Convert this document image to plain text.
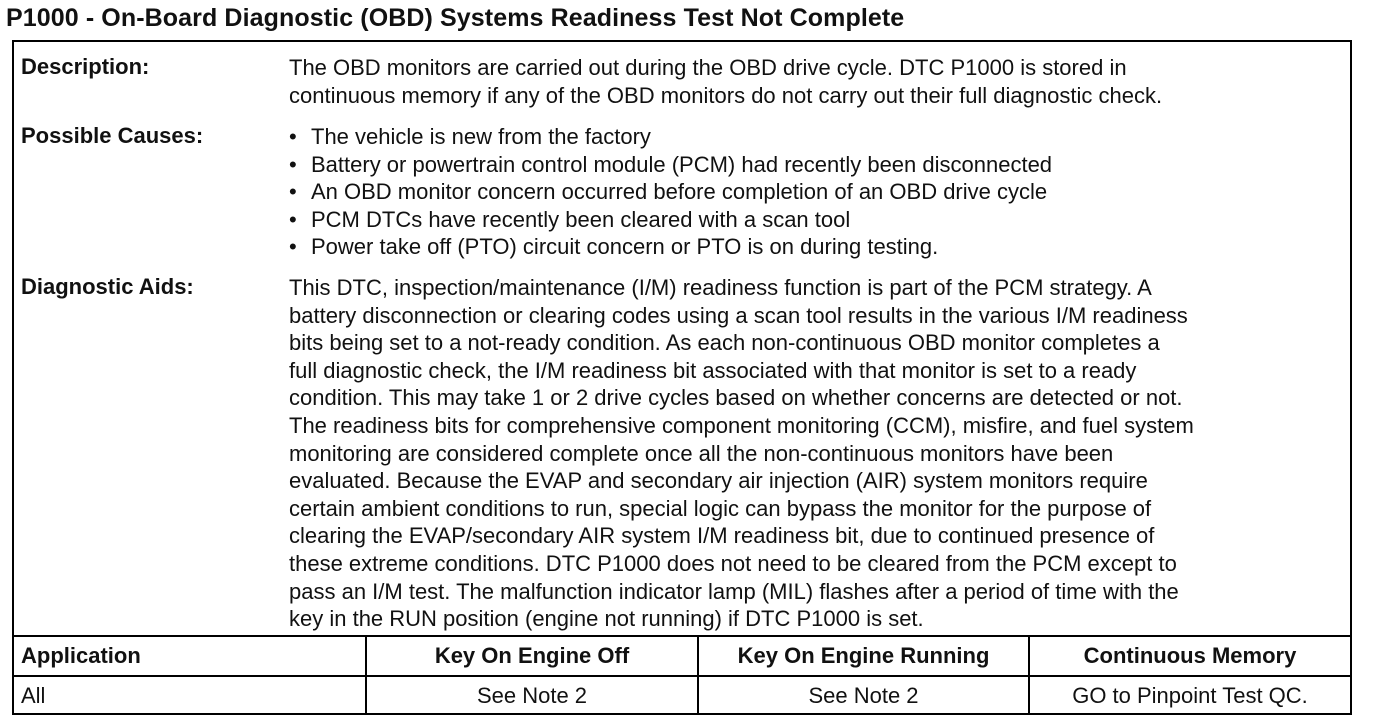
P1000 - On-Board Diagnostic (OBD) Systems Readiness Test Not Complete
Description:	The OBD monitors are carried out during the OBD drive cycle. DTC P1000 is stored in

continuous memory if any of the OBD monitors do not carry out their full diagnostic check.

Possible Causes:	• The vehicle is new from the factory
• Battery or powertrain control module (PCM) had recently been disconnected
• An OBD monitor concern occurred before completion of an OBD drive cycle
• PCM DTCs have recently been cleared with a scan tool
• Power take off (PTO) circuit concern or PTO is on during testing.
Diagnostic Aids:	This DTC, inspection/maintenance (I/M) readiness function is part of the PCM strategy. A

battery disconnection or clearing codes using a scan tool results in the various I/M readiness

bits being set to a not-ready condition. As each non-continuous OBD monitor completes a

full diagnostic check, the I/M readiness bit associated with that monitor is set to a ready

condition. This may take 1 or 2 drive cycles based on whether concerns are detected or not.

The readiness bits for comprehensive component monitoring (CCM), misfire, and fuel system

monitoring are considered complete once all the non-continuous monitors have been

evaluated. Because the EVAP and secondary air injection (AIR) system monitors require

certain ambient conditions to run, special logic can bypass the monitor for the purpose of

clearing the EVAP/secondary AIR system I/M readiness bit, due to continued presence of

these extreme conditions. DTC P1000 does not need to be cleared from the PCM except to

pass an I/M test. The malfunction indicator lamp (MIL) flashes after a period of time with the

key in the RUN position (engine not running) if DTC P1000 is set.

Application	Key On Engine Off	Key On Engine Running	Continuous Memory
All	See Note 2	See Note 2	GO to Pinpoint Test QC.
